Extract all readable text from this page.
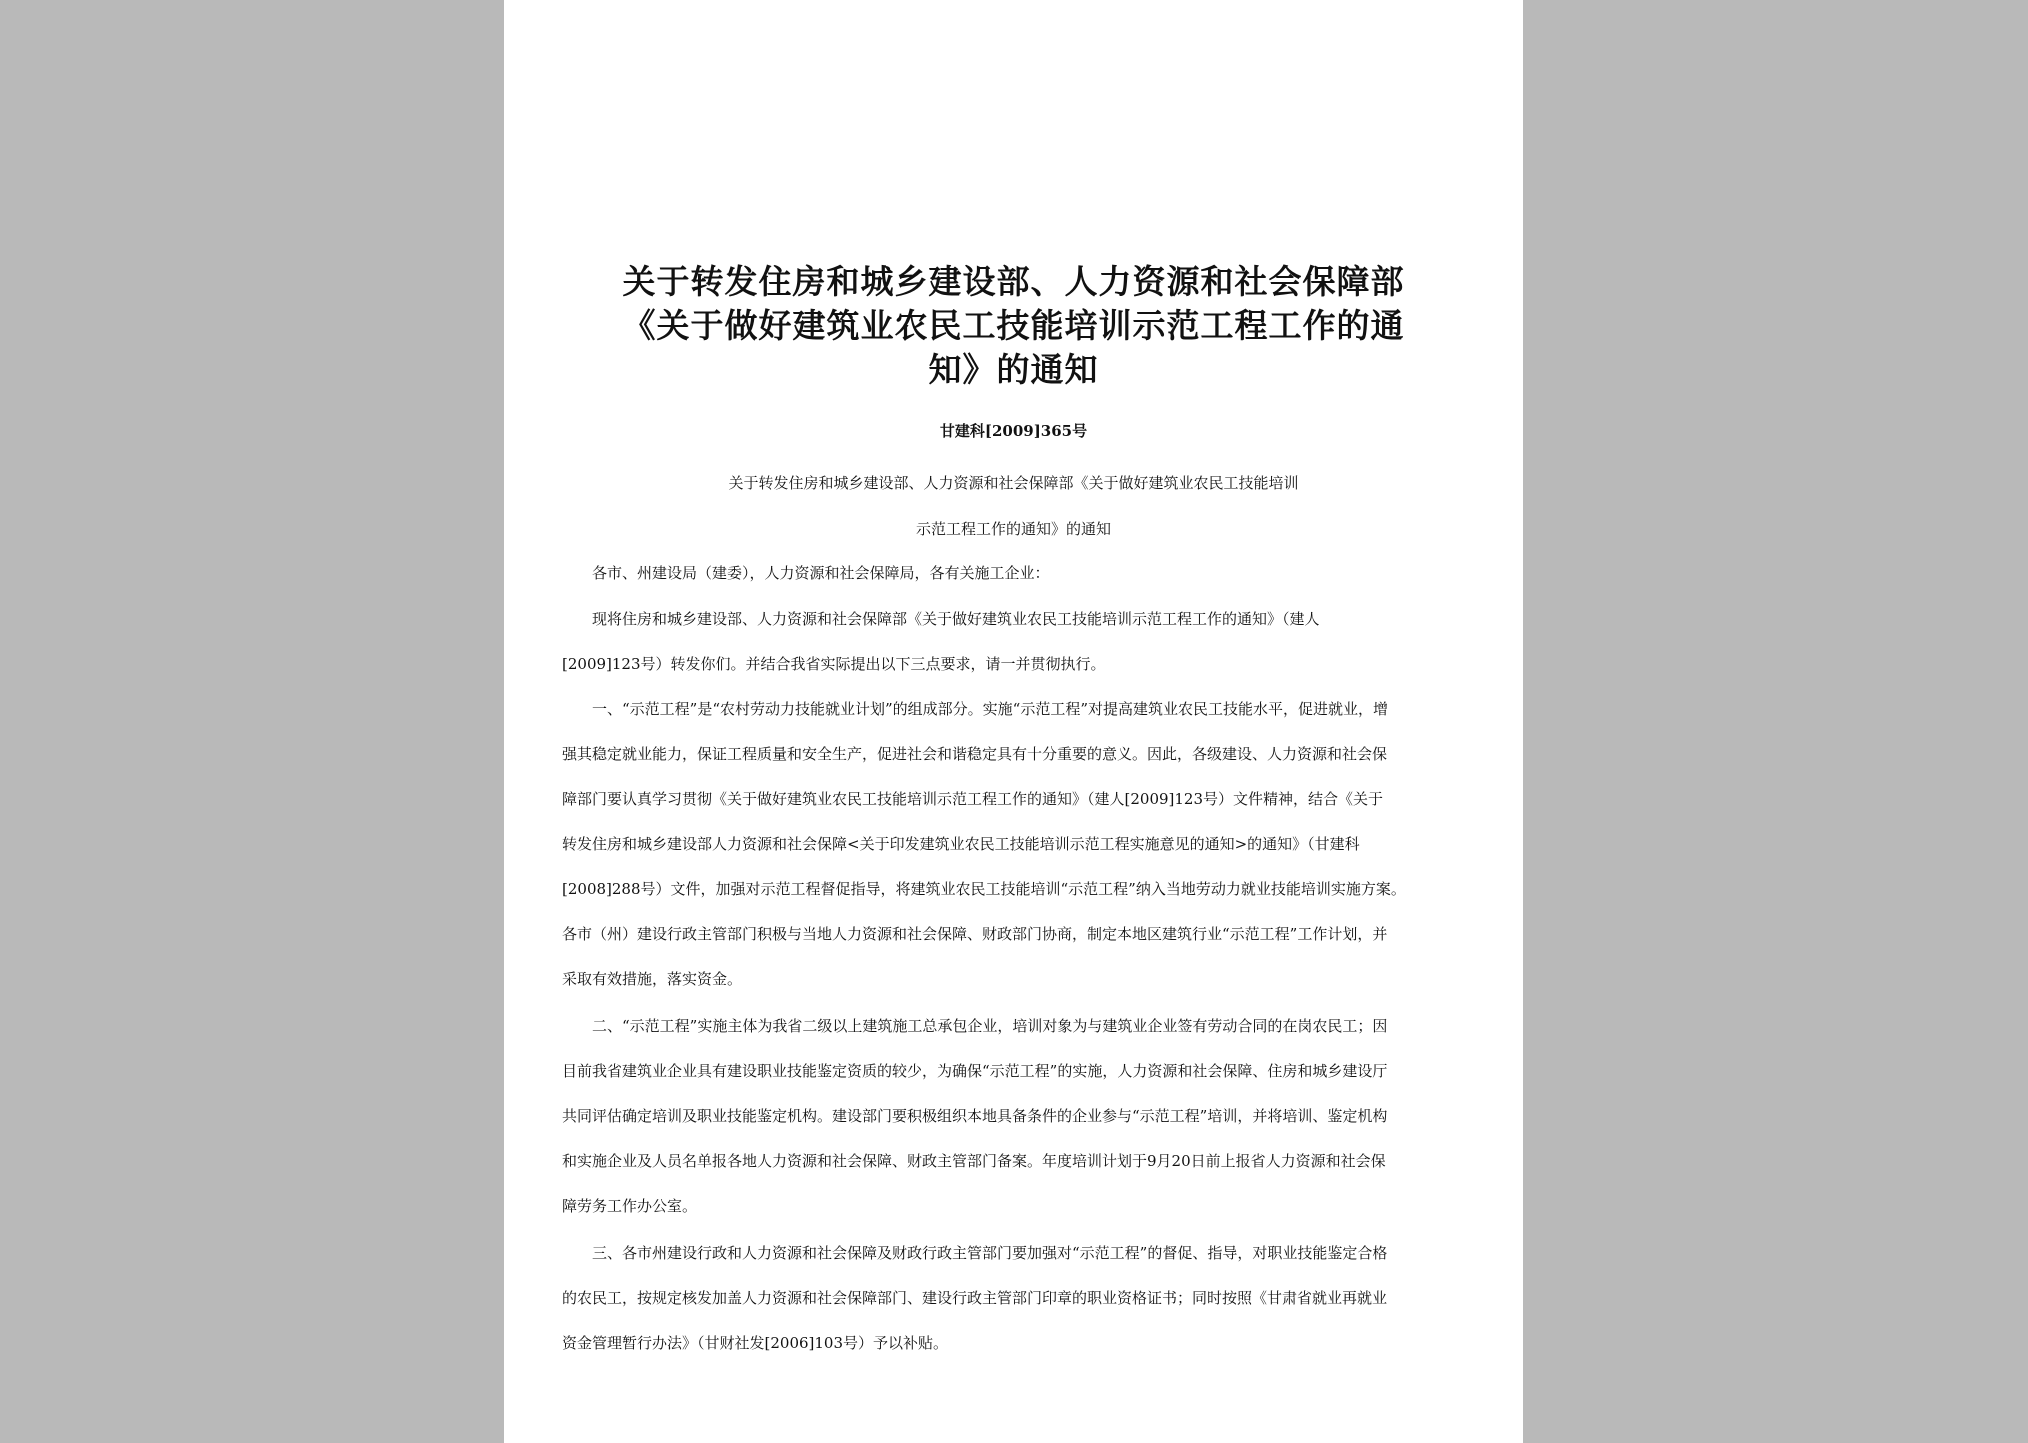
关于转发住房和城乡建设部、人力资源和社会保障部
《关于做好建筑业农民工技能培训示范工程工作的通
知》的通知
甘建科[2009]365号
关于转发住房和城乡建设部、人力资源和社会保障部《关于做好建筑业农民工技能培训
示范工程工作的通知》的通知
各市、州建设局（建委），人力资源和社会保障局，各有关施工企业：
现将住房和城乡建设部、人力资源和社会保障部《关于做好建筑业农民工技能培训示范工程工作的通知》（建人
[2009]123号）转发你们。并结合我省实际提出以下三点要求，请一并贯彻执行。
一、“示范工程”是“农村劳动力技能就业计划”的组成部分。实施“示范工程”对提高建筑业农民工技能水平，促进就业，增
强其稳定就业能力，保证工程质量和安全生产，促进社会和谐稳定具有十分重要的意义。因此，各级建设、人力资源和社会保
障部门要认真学习贯彻《关于做好建筑业农民工技能培训示范工程工作的通知》（建人[2009]123号）文件精神，结合《关于
转发住房和城乡建设部人力资源和社会保障<关于印发建筑业农民工技能培训示范工程实施意见的通知>的通知》（甘建科
[2008]288号）文件，加强对示范工程督促指导，将建筑业农民工技能培训“示范工程”纳入当地劳动力就业技能培训实施方案。
各市（州）建设行政主管部门积极与当地人力资源和社会保障、财政部门协商，制定本地区建筑行业“示范工程”工作计划，并
采取有效措施，落实资金。
二、“示范工程”实施主体为我省二级以上建筑施工总承包企业，培训对象为与建筑业企业签有劳动合同的在岗农民工；因
目前我省建筑业企业具有建设职业技能鉴定资质的较少，为确保“示范工程”的实施，人力资源和社会保障、住房和城乡建设厅
共同评估确定培训及职业技能鉴定机构。建设部门要积极组织本地具备条件的企业参与“示范工程”培训，并将培训、鉴定机构
和实施企业及人员名单报各地人力资源和社会保障、财政主管部门备案。年度培训计划于9月20日前上报省人力资源和社会保
障劳务工作办公室。
三、各市州建设行政和人力资源和社会保障及财政行政主管部门要加强对“示范工程”的督促、指导，对职业技能鉴定合格
的农民工，按规定核发加盖人力资源和社会保障部门、建设行政主管部门印章的职业资格证书；同时按照《甘肃省就业再就业
资金管理暂行办法》（甘财社发[2006]103号）予以补贴。
